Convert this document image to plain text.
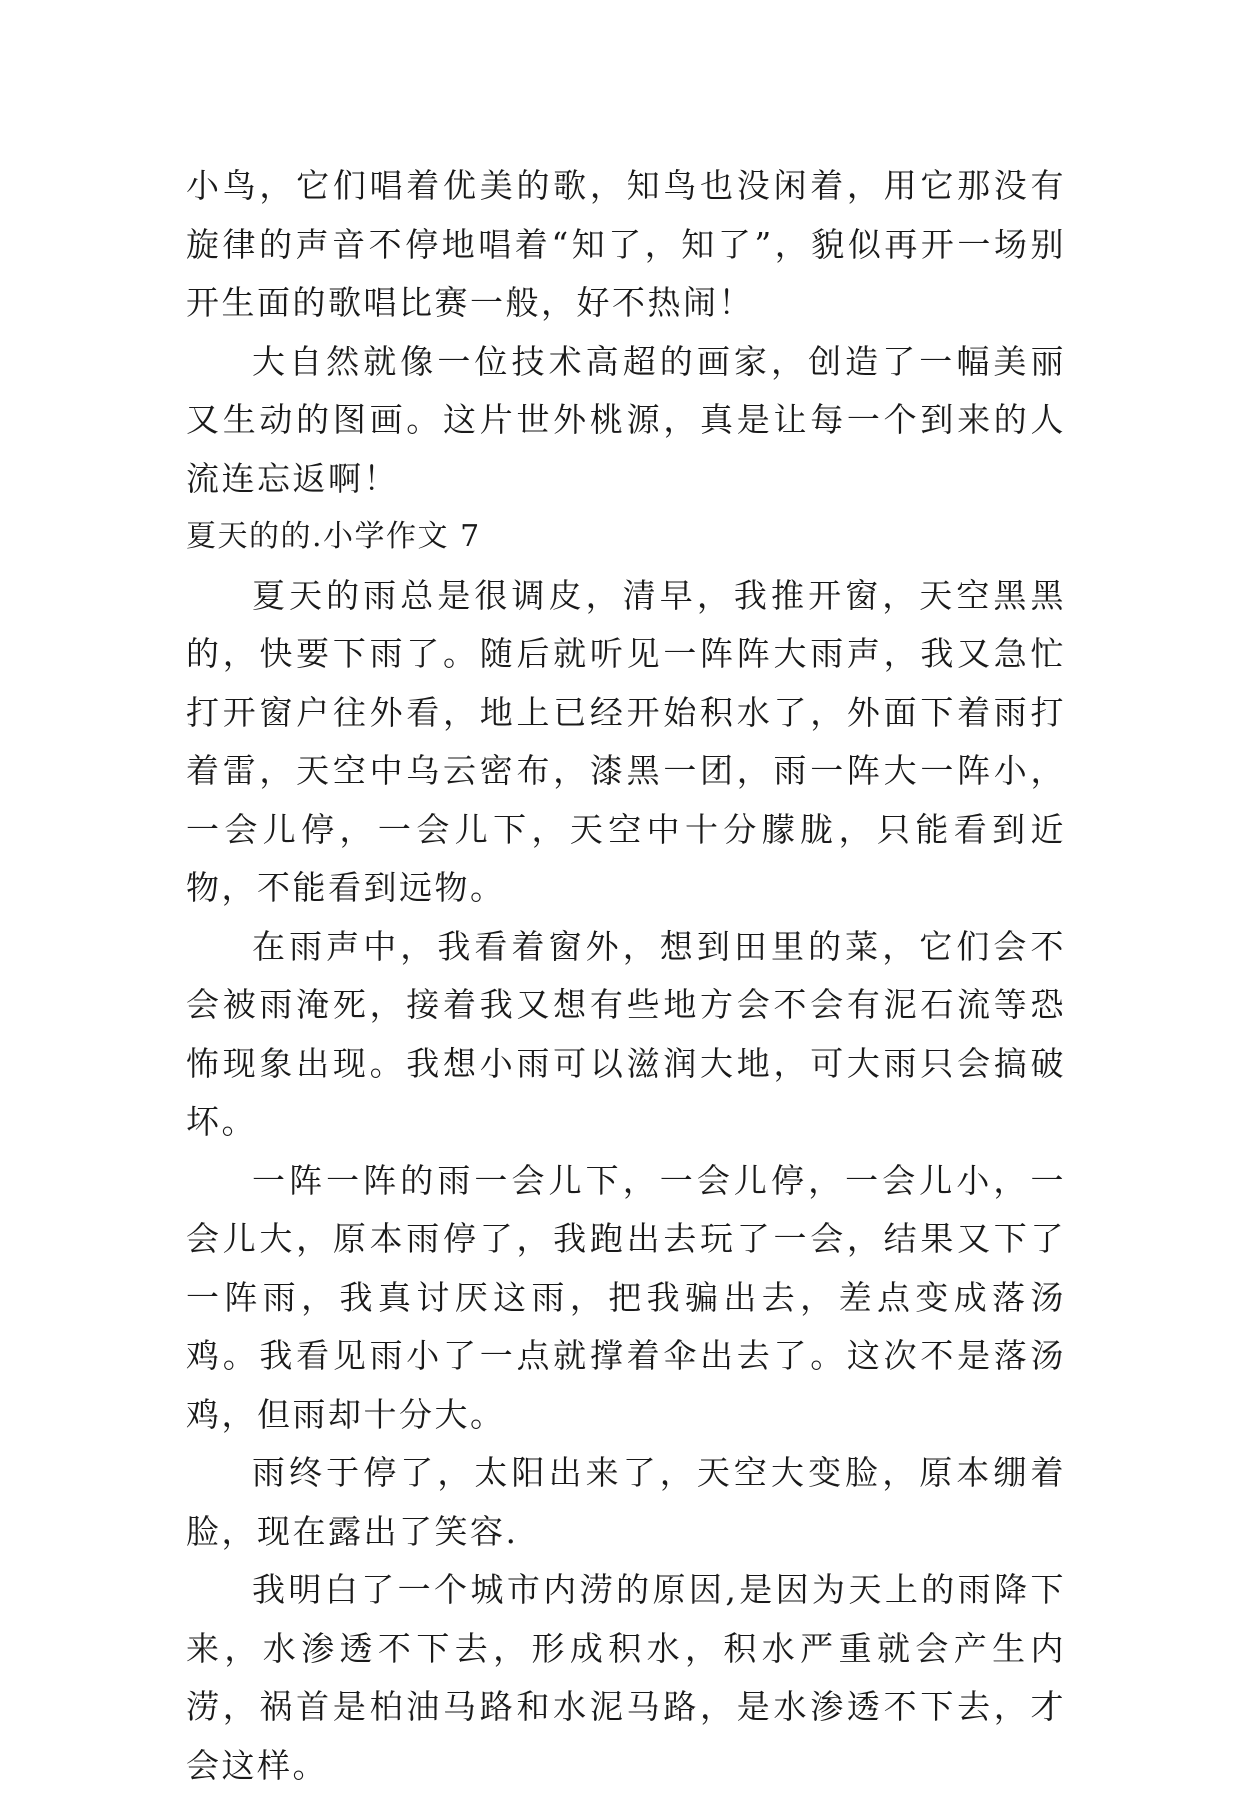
小鸟，它们唱着优美的歌，知鸟也没闲着，用它那没有旋律的声音不停地唱着“知了，知了”，貌似再开一场别开生面的歌唱比赛一般，好不热闹！

大自然就像一位技术高超的画家，创造了一幅美丽又生动的图画。这片世外桃源，真是让每一个到来的人流连忘返啊！

夏天的的.小学作文 7

夏天的雨总是很调皮，清早，我推开窗，天空黑黑的，快要下雨了。随后就听见一阵阵大雨声，我又急忙打开窗户往外看，地上已经开始积水了，外面下着雨打着雷，天空中乌云密布，漆黑一团，雨一阵大一阵小，一会儿停，一会儿下，天空中十分朦胧，只能看到近物，不能看到远物。

在雨声中，我看着窗外，想到田里的菜，它们会不会被雨淹死，接着我又想有些地方会不会有泥石流等恐怖现象出现。我想小雨可以滋润大地，可大雨只会搞破坏。

一阵一阵的雨一会儿下，一会儿停，一会儿小，一会儿大，原本雨停了，我跑出去玩了一会，结果又下了一阵雨，我真讨厌这雨，把我骗出去，差点变成落汤鸡。我看见雨小了一点就撑着伞出去了。这次不是落汤鸡，但雨却十分大。

雨终于停了，太阳出来了，天空大变脸，原本绷着脸，现在露出了笑容.

我明白了一个城市内涝的原因,是因为天上的雨降下来，水渗透不下去，形成积水，积水严重就会产生内涝，祸首是柏油马路和水泥马路，是水渗透不下去，才会这样。
